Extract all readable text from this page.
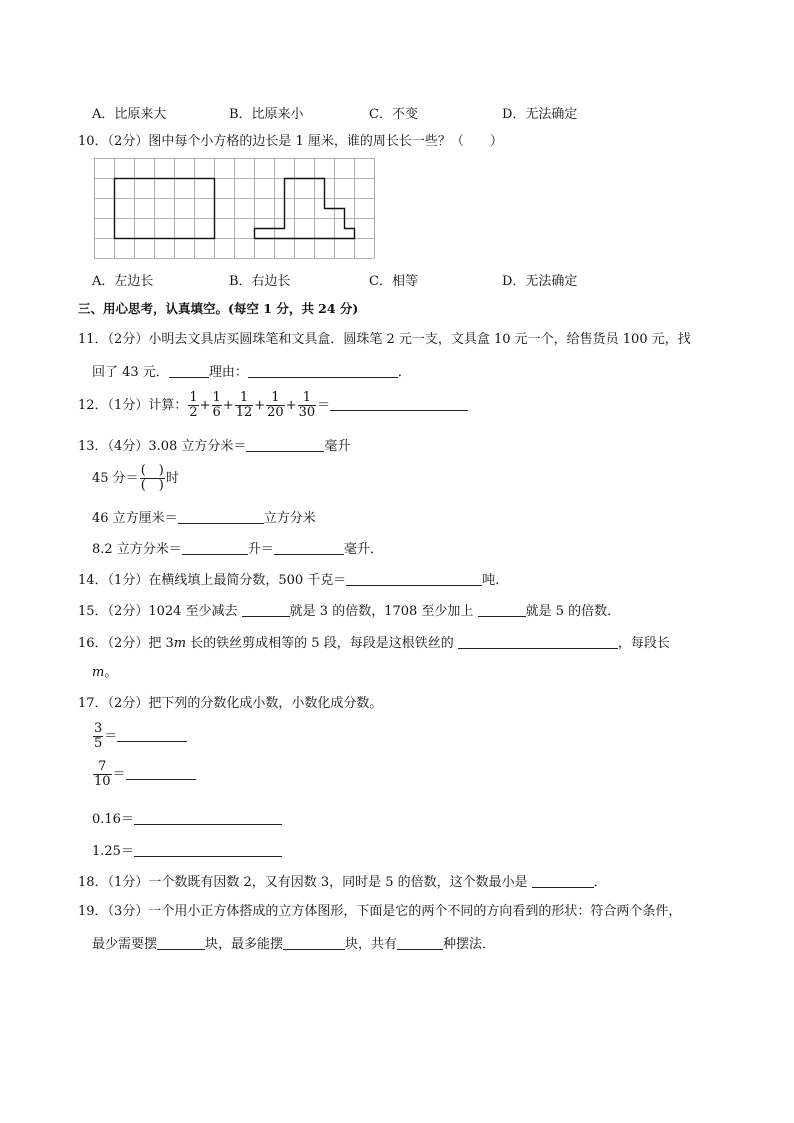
A．比原来大	B．比原来小	C．不变	D．无法确定
10．（2分）图中每个小方格的边长是 1 厘米，谁的周长长一些？（　　）
A．左边长	B．右边长	C．相等	D．无法确定
三、用心思考，认真填空。(每空 1 分，共 24 分)
11．（2分）小明去文具店买圆珠笔和文具盒．圆珠笔 2 元一支，文具盒 10 元一个，给售货员 100 元，找
回了 43 元．	理由：	．
12．（1分）计算： $\frac{1}{2} + \frac{1}{6} + \frac{1}{12} + \frac{1}{20} + \frac{1}{30}$ ＝
13．（4分）3.08 立方分米＝	毫升
45 分＝ $\frac{( )}{( )}$ 时
46 立方厘米＝	立方分米
8.2 立方分米＝	升＝	毫升．
14．（1分）在横线填上最简分数，500 千克＝	吨．
15．（2分）1024 至少减去	就是 3 的倍数，1708 至少加上	就是 5 的倍数．
16．（2分）把 3m 长的铁丝剪成相等的 5 段，每段是这根铁丝的	，每段长
m。
17．（2分）把下列的分数化成小数，小数化成分数。
$\frac{3}{5}$ ＝
$\frac{7}{10}$ ＝
0.16＝
1.25＝
18．（1分）一个数既有因数 2，又有因数 3，同时是 5 的倍数，这个数最小是	．
19．（3分）一个用小正方体搭成的立方体图形，下面是它的两个不同的方向看到的形状：符合两个条件，
最少需要摆	块，最多能摆	块，共有	种摆法．
